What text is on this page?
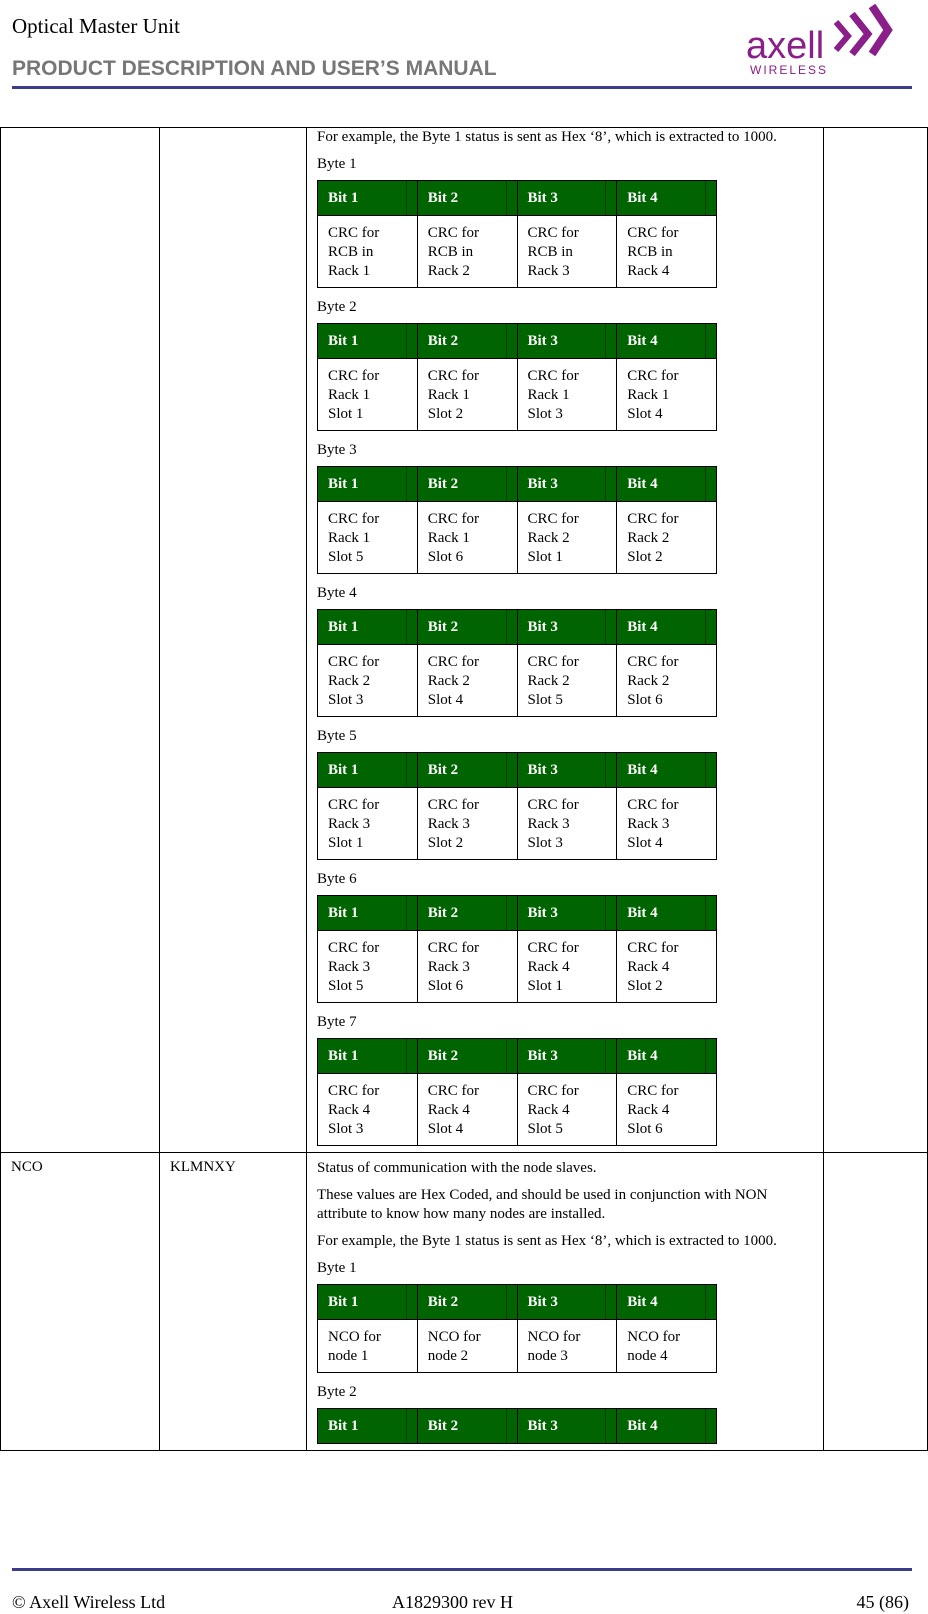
Optical Master Unit
PRODUCT DESCRIPTION AND USER’S MANUAL
axell
WIRELESS

For example, the Byte 1 status is sent as Hex ‘8’, which is extracted to 1000.

Byte 1

Bit 1	Bit 2	Bit 3	Bit 4
CRC for
RCB in
Rack 1	CRC for
RCB in
Rack 2	CRC for
RCB in
Rack 3	CRC for
RCB in
Rack 4

Byte 2

Bit 1	Bit 2	Bit 3	Bit 4
CRC for
Rack 1
Slot 1	CRC for
Rack 1
Slot 2	CRC for
Rack 1
Slot 3	CRC for
Rack 1
Slot 4

Byte 3

Bit 1	Bit 2	Bit 3	Bit 4
CRC for
Rack 1
Slot 5	CRC for
Rack 1
Slot 6	CRC for
Rack 2
Slot 1	CRC for
Rack 2
Slot 2

Byte 4

Bit 1	Bit 2	Bit 3	Bit 4
CRC for
Rack 2
Slot 3	CRC for
Rack 2
Slot 4	CRC for
Rack 2
Slot 5	CRC for
Rack 2
Slot 6

Byte 5

Bit 1	Bit 2	Bit 3	Bit 4
CRC for
Rack 3
Slot 1	CRC for
Rack 3
Slot 2	CRC for
Rack 3
Slot 3	CRC for
Rack 3
Slot 4

Byte 6

Bit 1	Bit 2	Bit 3	Bit 4
CRC for
Rack 3
Slot 5	CRC for
Rack 3
Slot 6	CRC for
Rack 4
Slot 1	CRC for
Rack 4
Slot 2

Byte 7

Bit 1	Bit 2	Bit 3	Bit 4
CRC for
Rack 4
Slot 3	CRC for
Rack 4
Slot 4	CRC for
Rack 4
Slot 5	CRC for
Rack 4
Slot 6

NCO	KLMNXY	Status of communication with the node slaves.

These values are Hex Coded, and should be used in conjunction with NON attribute to know how many nodes are installed.

For example, the Byte 1 status is sent as Hex ‘8’, which is extracted to 1000.

Byte 1

Bit 1	Bit 2	Bit 3	Bit 4
NCO for
node 1	NCO for
node 2	NCO for
node 3	NCO for
node 4

Byte 2

Bit 1	Bit 2	Bit 3	Bit 4

© Axell Wireless Ltd	A1829300 rev H	45 (86)
